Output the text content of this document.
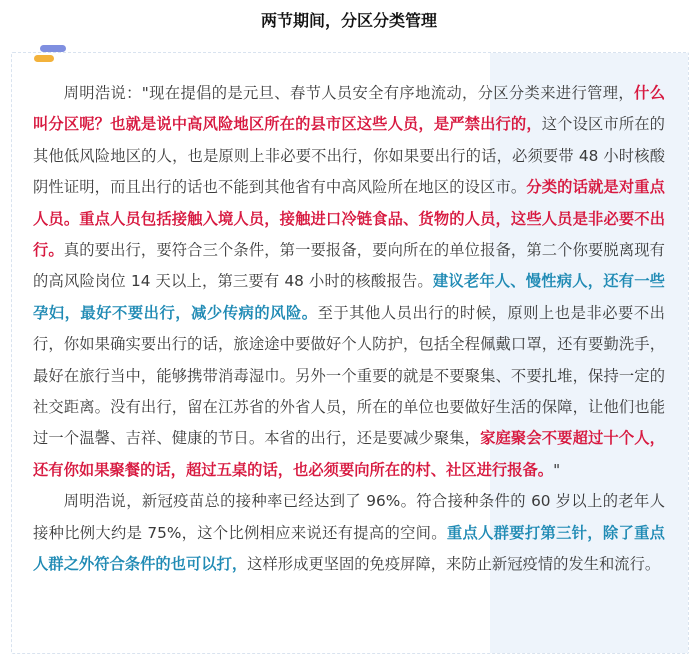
两节期间，分区分类管理

周明浩说："现在提倡的是元旦、春节人员安全有序地流动，分区分类来进行管理，什么叫分区呢？也就是说中高风险地区所在的县市区这些人员，是严禁出行的，这个设区市所在的其他低风险地区的人，也是原则上非必要不出行，你如果要出行的话，必须要带 48 小时核酸阴性证明，而且出行的话也不能到其他省有中高风险所在地区的设区市。分类的话就是对重点人员。重点人员包括接触入境人员，接触进口冷链食品、货物的人员，这些人员是非必要不出行。真的要出行，要符合三个条件，第一要报备，要向所在的单位报备，第二个你要脱离现有的高风险岗位 14 天以上，第三要有 48 小时的核酸报告。建议老年人、慢性病人，还有一些孕妇，最好不要出行，减少传病的风险。至于其他人员出行的时候，原则上也是非必要不出行，你如果确实要出行的话，旅途途中要做好个人防护，包括全程佩戴口罩，还有要勤洗手，最好在旅行当中，能够携带消毒湿巾。另外一个重要的就是不要聚集、不要扎堆，保持一定的社交距离。没有出行，留在江苏省的外省人员，所在的单位也要做好生活的保障，让他们也能过一个温馨、吉祥、健康的节日。本省的出行，还是要减少聚集，家庭聚会不要超过十个人，还有你如果聚餐的话，超过五桌的话，也必须要向所在的村、社区进行报备。"

周明浩说，新冠疫苗总的接种率已经达到了 96%。符合接种条件的 60 岁以上的老年人接种比例大约是 75%，这个比例相应来说还有提高的空间。重点人群要打第三针，除了重点人群之外符合条件的也可以打，这样形成更坚固的免疫屏障，来防止新冠疫情的发生和流行。
